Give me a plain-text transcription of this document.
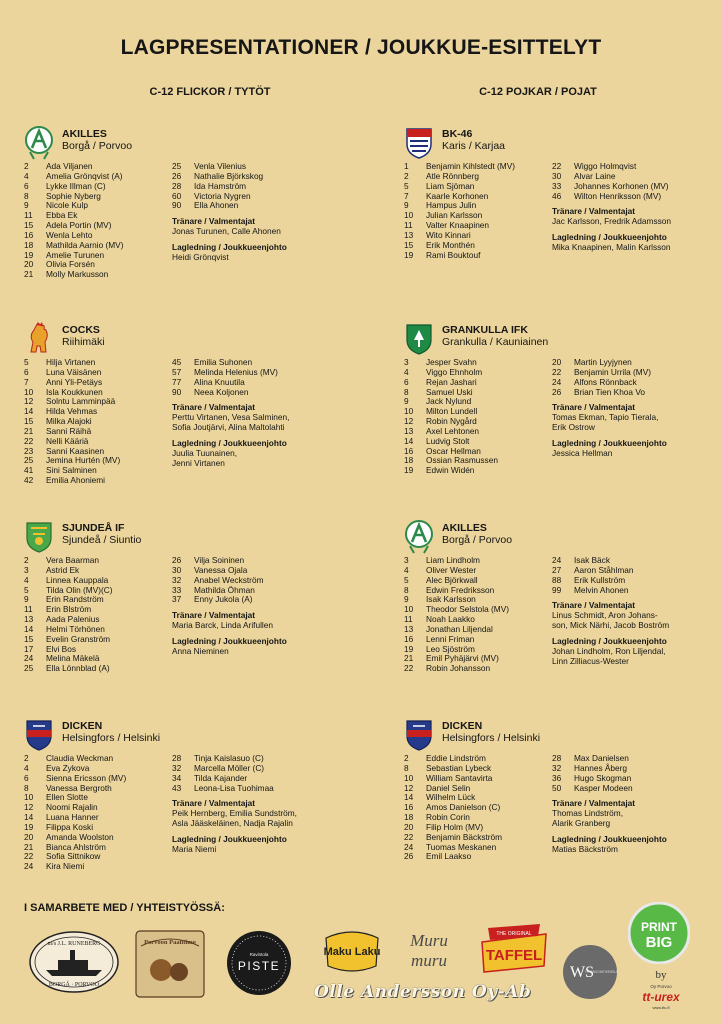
LAGPRESENTATIONER / JOUKKUE-ESITTELYT
C-12 FLICKOR / TYTÖT	C-12 POJKAR / POJAT
AKILLES
Borgå / Porvoo
2 Ada Viljanen
4 Amelia Grönqvist (A)
6 Lykke Illman (C)
8 Sophie Nyberg
9 Nicole Kulp
11 Ebba Ek
15 Adela Portin (MV)
16 Wenla Lehto
18 Mathilda Aarnio (MV)
19 Amelie Turunen
20 Olivia Forsén
21 Molly Markusson
25 Venla Vilenius
26 Nathalie Björkskog
28 Ida Hamström
60 Victoria Nygren
90 Ella Ahonen
Tränare / Valmentajat
Jonas Turunen, Calle Ahonen
Lagledning / Joukkueenjohto
Heidi Grönqvist
BK-46
Karis / Karjaa
1 Benjamin Kihlstedt (MV)
2 Atle Rönnberg
5 Liam Sjöman
7 Kaarle Korhonen
9 Hampus Julin
10 Julian Karlsson
11 Valter Knaapinen
13 Wito Kinnari
15 Erik Monthén
19 Rami Bouktouf
22 Wiggo Holmqvist
30 Alvar Laine
33 Johannes Korhonen (MV)
46 Wilton Henriksson (MV)
Tränare / Valmentajat
Jac Karlsson, Fredrik Adamsson
Lagledning / Joukkueenjohto
Mika Knaapinen, Malin Karlsson
COCKS
Riihimäki
5 Hilja Virtanen
6 Luna Väisänen
7 Anni Yli-Petäys
10 Isla Koukkunen
12 Solntu Lamminpää
14 Hilda Vehmas
15 Milka Alajoki
21 Sanni Räihä
22 Nelli Kääriä
23 Sanni Kaasinen
25 Jemina Hurtén (MV)
41 Sini Salminen
42 Emilia Ahoniemi
45 Emilia Suhonen
57 Melinda Helenius (MV)
77 Alina Knuutila
90 Neea Koljonen
Tränare / Valmentajat
Perttu Virtanen, Vesa Salminen,
Sofia Joutjärvi, Alina Maltolahti
Lagledning / Joukkueenjohto
Juulia Tuunainen,
Jenni Virtanen
GRANKULLA IFK
Grankulla / Kauniainen
3 Jesper Svahn
4 Viggo Ehnholm
6 Rejan Jashari
8 Samuel Uski
9 Jack Nylund
10 Milton Lundell
12 Robin Nygård
13 Axel Lehtonen
14 Ludvig Stolt
16 Oscar Hellman
18 Ossian Rasmussen
19 Edwin Widén
20 Martin Lyyjynen
22 Benjamin Urrila (MV)
24 Alfons Rönnback
26 Brian Tien Khoa Vo
Tränare / Valmentajat
Tomas Ekman, Tapio Tierala,
Erik Ostrow
Lagledning / Joukkueenjohto
Jessica Hellman
SJUNDEÅ IF
Sjundeå / Siuntio
2 Vera Baarman
3 Astrid Ek
4 Linnea Kauppala
5 Tilda Olin (MV)(C)
9 Erin Randström
11 Erin Blström
13 Aada Palenius
14 Helmi Törhönen
15 Evelin Granström
17 Elvi Bos
24 Melina Mäkelä
25 Ella Lönnblad (A)
26 Vilja Soininen
30 Vanessa Ojala
32 Anabel Weckström
33 Mathilda Öhman
37 Enny Jukola (A)
Tränare / Valmentajat
Maria Barck, Linda Arifullen
Lagledning / Joukkueenjohto
Anna Nieminen
AKILLES
Borgå / Porvoo
3 Liam Lindholm
4 Oliver Wester
5 Alec Björkwall
8 Edwin Fredriksson
9 Isak Karlsson
10 Theodor Selstola (MV)
11 Noah Laakko
13 Jonathan Liljendal
16 Lenni Friman
19 Leo Sjöström
21 Emil Pyhäjärvi (MV)
22 Robin Johansson
24 Isak Bäck
27 Aaron Ståhlman
88 Erik Kullström
99 Melvin Ahonen
Tränare / Valmentajat
Linus Schmidt, Aron Johans-
son, Mick Närhi, Jacob Boström
Lagledning / Joukkueenjohto
Johan Lindholm, Ron Liljendal,
Linn Zilliacus-Wester
DICKEN
Helsingfors / Helsinki
2 Claudia Weckman
4 Eva Zykova
6 Sienna Ericsson (MV)
8 Vanessa Bergroth
10 Ellen Slotte
12 Noomi Rajalin
14 Luana Hanner
19 Filippa Koski
20 Amanda Woolston
21 Bianca Ahlström
22 Sofia Sittnikow
24 Kira Niemi
28 Tinja Kaislasuo (C)
32 Marcella Möller (C)
34 Tilda Kajander
43 Leona-Lisa Tuohimaa
Tränare / Valmentajat
Peik Hernberg, Emilia Sundström,
Asla Jääskeläinen, Nadja Rajalin
Lagledning / Joukkueenjohto
Maria Niemi
DICKEN
Helsingfors / Helsinki
2 Eddie Lindström
8 Sebastian Lybeck
10 William Santavirta
12 Daniel Selin
14 Wilhelm Lück
16 Amos Danielson (C)
18 Robin Corin
20 Filip Holm (MV)
22 Benjamin Bäckström
24 Tuomas Meskanen
26 Emil Laakso
28 Max Danielsen
32 Hannes Åberg
36 Hugo Skogman
50 Kasper Modeen
Tränare / Valmentajat
Thomas Lindström,
Alarik Granberg
Lagledning / Joukkueenjohto
Matias Bäckström
I SAMARBETE MED / YHTEISTYÖSSÄ:
m/s J.L. RUNEBERG
BORGÅ · PORVOO
Porvoon Paahtimo
Ravintola
PISTE
Maku Laku
Muru
muru
THE ORIGINAL
TAFFEL
WS
HYVINVOINTIKESKUS
PRINT
BIG
by
Oy Porvoo
tt-urex
www.ttu.fi
Olle Andersson Oy-Ab
